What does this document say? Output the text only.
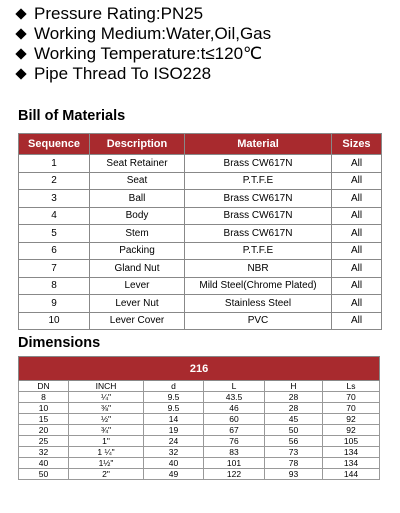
Pressure Rating:PN25
Working Medium:Water,Oil,Gas
Working Temperature:t≤120℃
Pipe Thread To ISO228
Bill of Materials
Sequence	Description	Material	Sizes
1	Seat Retainer	Brass CW617N	All
2	Seat	P.T.F.E	All
3	Ball	Brass CW617N	All
4	Body	Brass CW617N	All
5	Stem	Brass CW617N	All
6	Packing	P.T.F.E	All
7	Gland Nut	NBR	All
8	Lever	Mild Steel(Chrome Plated)	All
9	Lever Nut	Stainless Steel	All
10	Lever Cover	PVC	All
Dimensions
216					
DN	INCH	d	L	H	Ls
8	¼"	9.5	43.5	28	70
10	⅜"	9.5	46	28	70
15	½"	14	60	45	92
20	¾"	19	67	50	92
25	1"	24	76	56	105
32	1 ¼"	32	83	73	134
40	1½"	40	101	78	134
50	2"	49	122	93	144
